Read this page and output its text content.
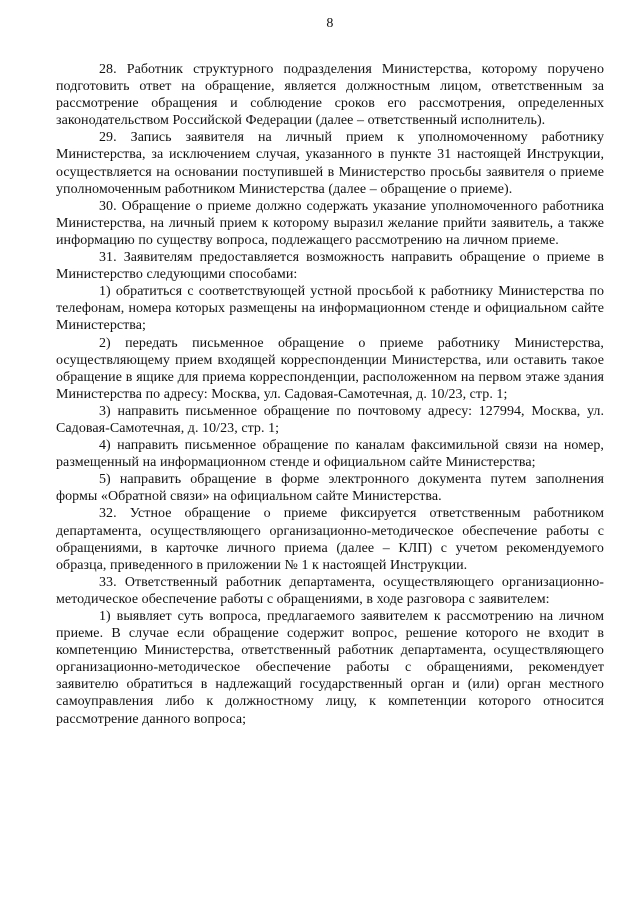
8

28. Работник структурного подразделения Министерства, которому поручено подготовить ответ на обращение, является должностным лицом, ответственным за рассмотрение обращения и соблюдение сроков его рассмотрения, определенных законодательством Российской Федерации (далее – ответственный исполнитель).

29. Запись заявителя на личный прием к уполномоченному работнику Министерства, за исключением случая, указанного в пункте 31 настоящей Инструкции, осуществляется на основании поступившей в Министерство просьбы заявителя о приеме уполномоченным работником Министерства (далее – обращение о приеме).

30. Обращение о приеме должно содержать указание уполномоченного работника Министерства, на личный прием к которому выразил желание прийти заявитель, а также информацию по существу вопроса, подлежащего рассмотрению на личном приеме.

31. Заявителям предоставляется возможность направить обращение о приеме в Министерство следующими способами:

1) обратиться с соответствующей устной просьбой к работнику Министерства по телефонам, номера которых размещены на информационном стенде и официальном сайте Министерства;

2) передать письменное обращение о приеме работнику Министерства, осуществляющему прием входящей корреспонденции Министерства, или оставить такое обращение в ящике для приема корреспонденции, расположенном на первом этаже здания Министерства по адресу: Москва, ул. Садовая-Самотечная, д. 10/23, стр. 1;

3) направить письменное обращение по почтовому адресу: 127994, Москва, ул. Садовая-Самотечная, д. 10/23, стр. 1;

4) направить письменное обращение по каналам факсимильной связи на номер, размещенный на информационном стенде и официальном сайте Министерства;

5) направить обращение в форме электронного документа путем заполнения формы «Обратной связи» на официальном сайте Министерства.

32. Устное обращение о приеме фиксируется ответственным работником департамента, осуществляющего организационно-методическое обеспечение работы с обращениями, в карточке личного приема (далее – КЛП) с учетом рекомендуемого образца, приведенного в приложении № 1 к настоящей Инструкции.

33. Ответственный работник департамента, осуществляющего организационно-методическое обеспечение работы с обращениями, в ходе разговора с заявителем:

1) выявляет суть вопроса, предлагаемого заявителем к рассмотрению на личном приеме. В случае если обращение содержит вопрос, решение которого не входит в компетенцию Министерства, ответственный работник департамента, осуществляющего организационно-методическое обеспечение работы с обращениями, рекомендует заявителю обратиться в надлежащий государственный орган и (или) орган местного самоуправления либо к должностному лицу, к компетенции которого относится рассмотрение данного вопроса;
